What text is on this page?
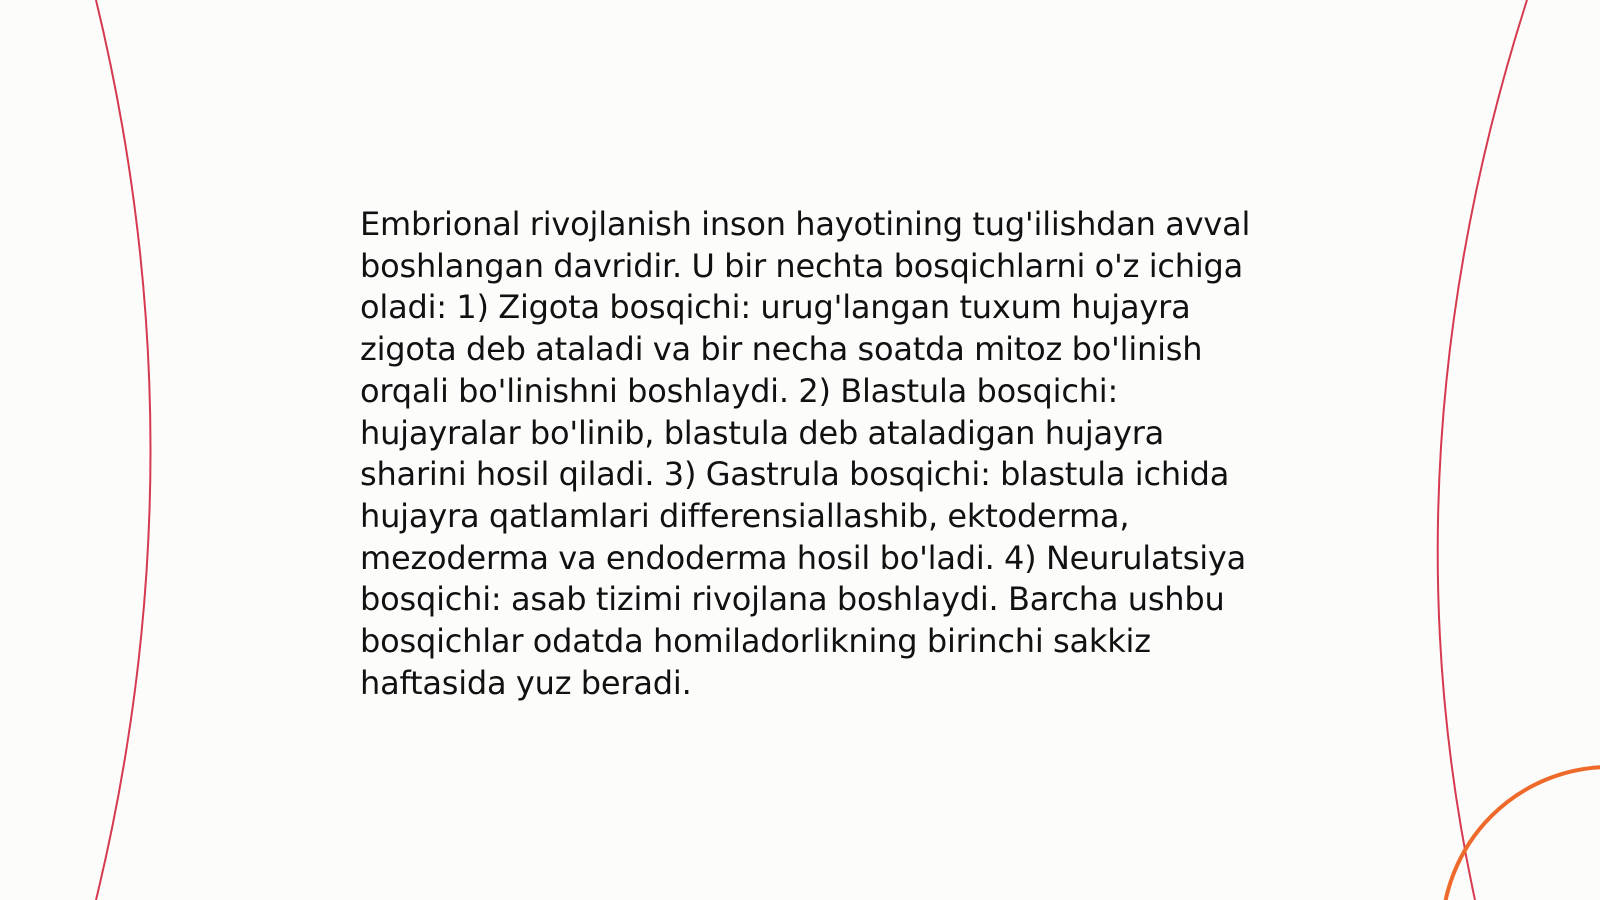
Embrional rivojlanish inson hayotining tug'ilishdan avval boshlangan davridir. U bir nechta bosqichlarni o'z ichiga oladi: 1) Zigota bosqichi: urug'langan tuxum hujayra zigota deb ataladi va bir necha soatda mitoz bo'linish orqali bo'linishni boshlaydi. 2) Blastula bosqichi: hujayralar bo'linib, blastula deb ataladigan hujayra sharini hosil qiladi. 3) Gastrula bosqichi: blastula ichida hujayra qatlamlari differensiallashib, ektoderma, mezoderma va endoderma hosil bo'ladi. 4) Neurulatsiya bosqichi: asab tizimi rivojlana boshlaydi. Barcha ushbu bosqichlar odatda homiladorlikning birinchi sakkiz haftasida yuz beradi.
